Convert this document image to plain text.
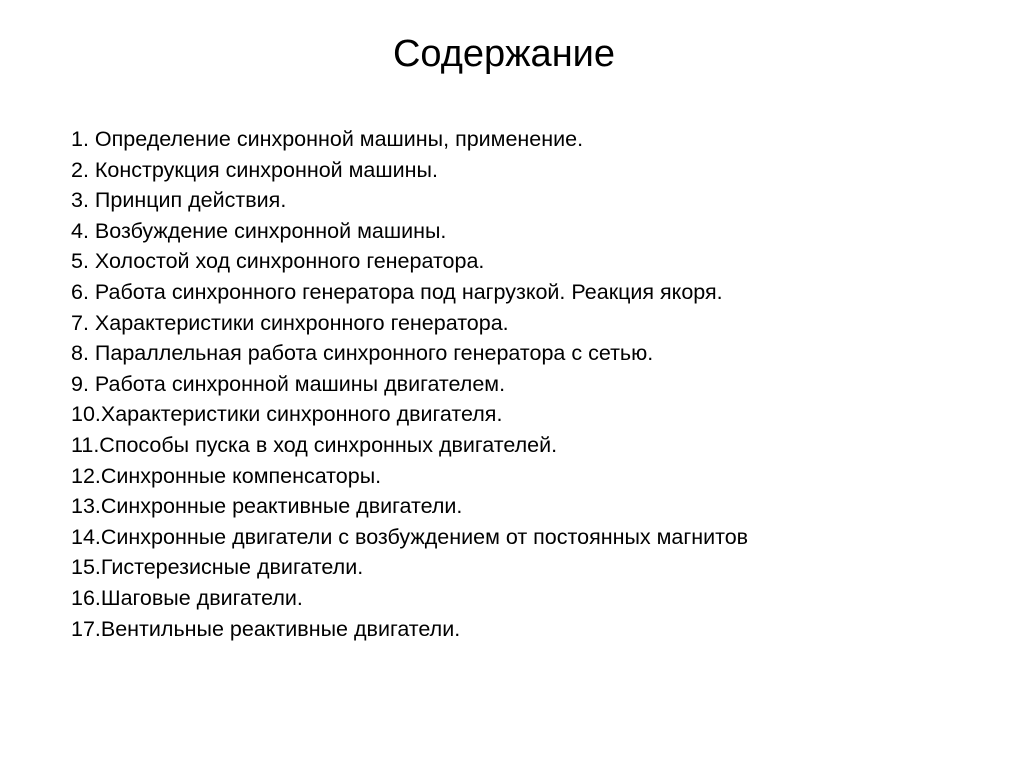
Содержание
1. Определение синхронной машины, применение.
2. Конструкция синхронной машины.
3. Принцип действия.
4. Возбуждение синхронной машины.
5. Холостой ход синхронного генератора.
6. Работа синхронного генератора под нагрузкой. Реакция якоря.
7. Характеристики синхронного генератора.
8. Параллельная работа синхронного генератора с сетью.
9. Работа синхронной машины двигателем.
10.Характеристики синхронного двигателя.
11.Способы пуска в ход синхронных двигателей.
12.Синхронные компенсаторы.
13.Синхронные реактивные двигатели.
14.Синхронные двигатели с возбуждением от постоянных магнитов
15.Гистерезисные двигатели.
16.Шаговые двигатели.
17.Вентильные реактивные двигатели.
